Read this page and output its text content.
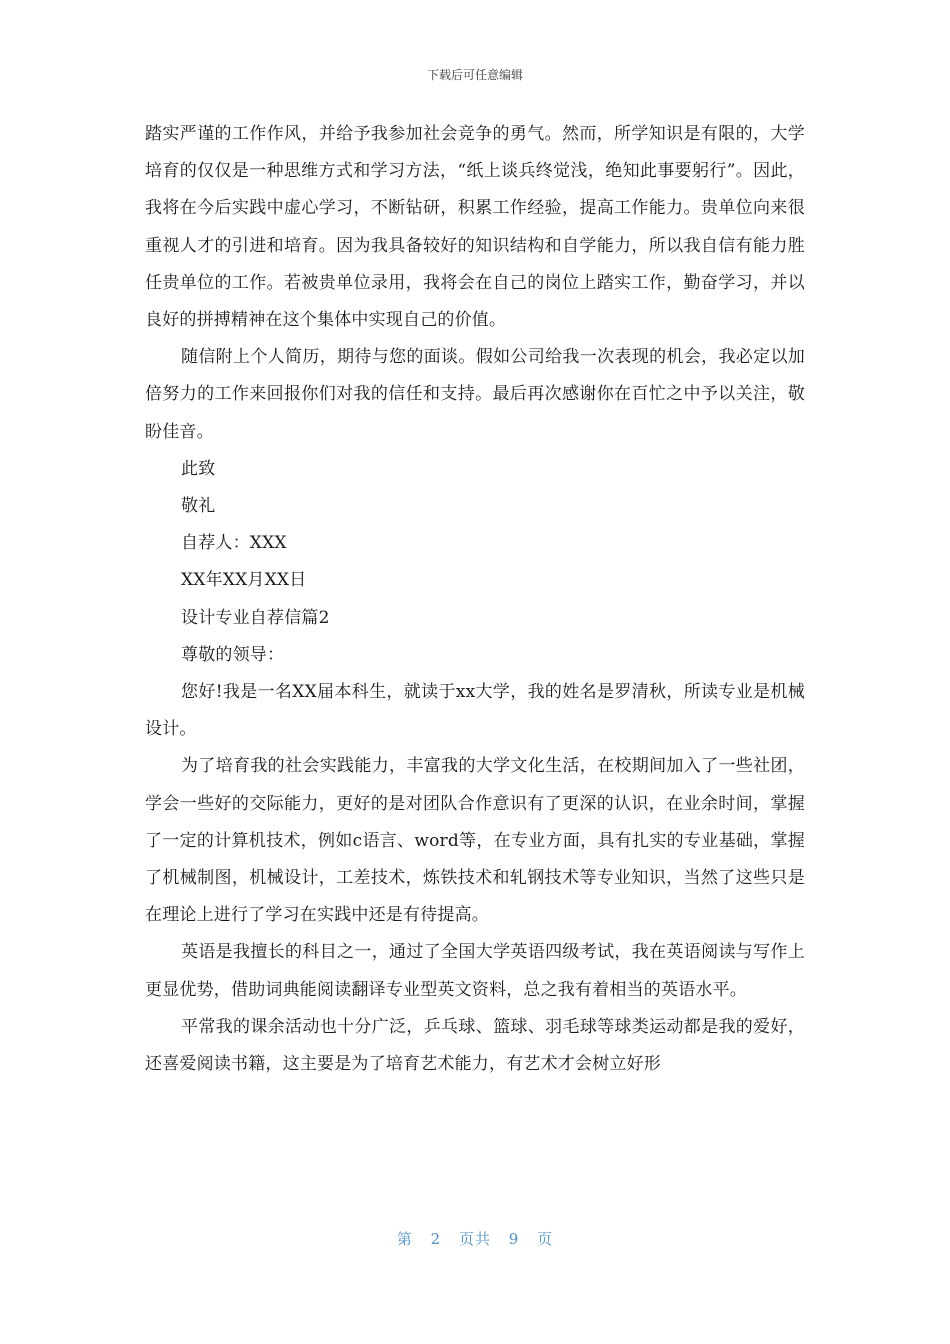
下载后可任意编辑

踏实严谨的工作作风，并给予我参加社会竞争的勇气。然而，所学知识是有限的，大学培育的仅仅是一种思维方式和学习方法，“纸上谈兵终觉浅，绝知此事要躬行”。因此，我将在今后实践中虚心学习，不断钻研，积累工作经验，提高工作能力。贵单位向来很重视人才的引进和培育。因为我具备较好的知识结构和自学能力，所以我自信有能力胜任贵单位的工作。若被贵单位录用，我将会在自己的岗位上踏实工作，勤奋学习，并以良好的拼搏精神在这个集体中实现自己的价值。

随信附上个人简历，期待与您的面谈。假如公司给我一次表现的机会，我必定以加倍努力的工作来回报你们对我的信任和支持。最后再次感谢你在百忙之中予以关注，敬盼佳音。

此致

敬礼

自荐人：XXX

XX年XX月XX日

设计专业自荐信篇2

尊敬的领导：

您好!我是一名XX届本科生，就读于xx大学，我的姓名是罗清秋，所读专业是机械设计。

为了培育我的社会实践能力，丰富我的大学文化生活，在校期间加入了一些社团，学会一些好的交际能力，更好的是对团队合作意识有了更深的认识，在业余时间，掌握了一定的计算机技术，例如c语言、word等，在专业方面，具有扎实的专业基础，掌握了机械制图，机械设计，工差技术，炼铁技术和轧钢技术等专业知识，当然了这些只是在理论上进行了学习在实践中还是有待提高。

英语是我擅长的科目之一，通过了全国大学英语四级考试，我在英语阅读与写作上更显优势，借助词典能阅读翻译专业型英文资料，总之我有着相当的英语水平。

平常我的课余活动也十分广泛，乒乓球、篮球、羽毛球等球类运动都是我的爱好，还喜爱阅读书籍，这主要是为了培育艺术能力，有艺术才会树立好形

第 2 页共 9 页
